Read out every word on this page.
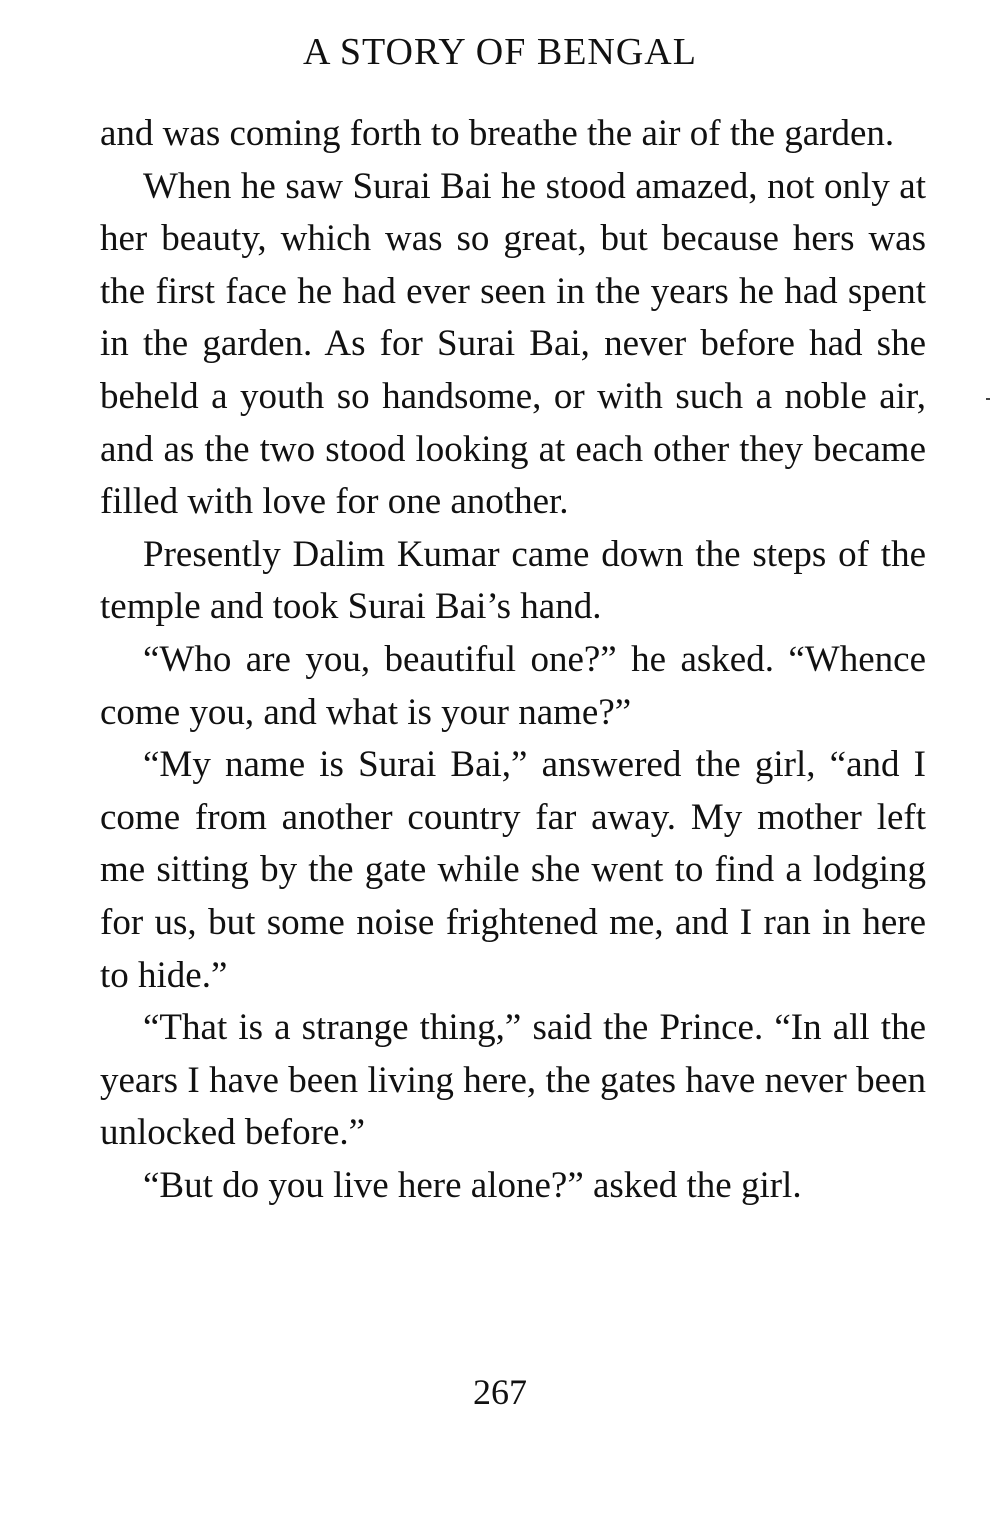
A STORY OF BENGAL

and was coming forth to breathe the air of the garden.

When he saw Surai Bai he stood amazed, not only at her beauty, which was so great, but because hers was the first face he had ever seen in the years he had spent in the garden. As for Surai Bai, never before had she beheld a youth so handsome, or with such a noble air, and as the two stood looking at each other they became filled with love for one another.

Presently Dalim Kumar came down the steps of the temple and took Surai Bai’s hand.

“Who are you, beautiful one?” he asked. “Whence come you, and what is your name?”

“My name is Surai Bai,” answered the girl, “and I come from another country far away. My mother left me sitting by the gate while she went to find a lodging for us, but some noise frightened me, and I ran in here to hide.”

“That is a strange thing,” said the Prince. “In all the years I have been living here, the gates have never been unlocked before.”

“But do you live here alone?” asked the girl.

267
